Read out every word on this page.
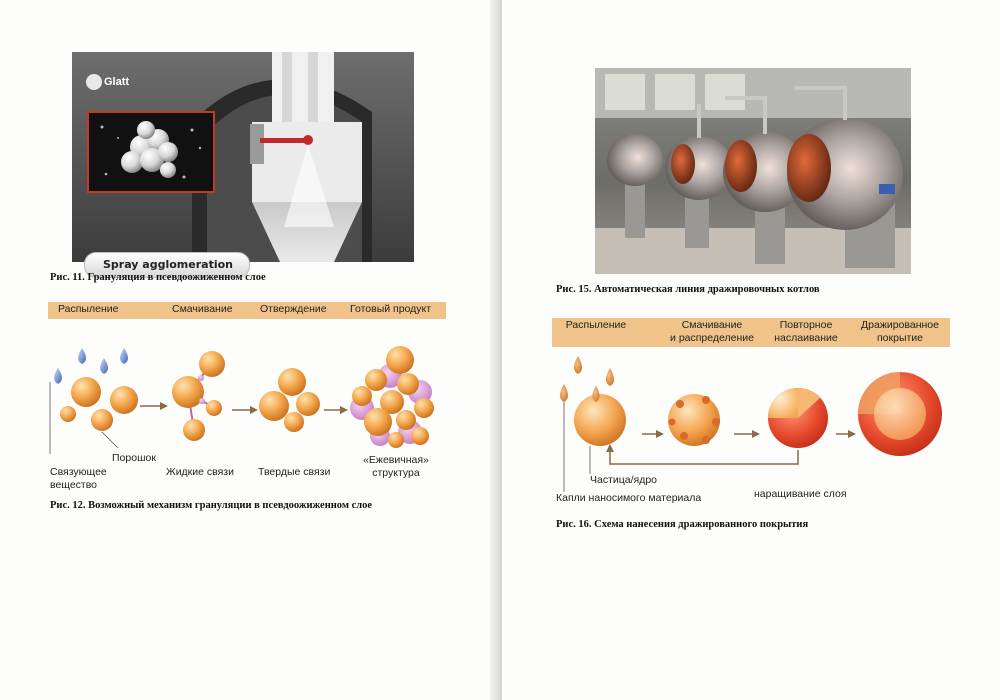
Glatt
Spray agglomeration
Рис. 11. Грануляция в псевдоожиженном слое
Распыление	Смачивание	Отверждение Готовый продукт
Порошок
Связующее
вещество
Жидкие связи Твердые связи
«Ежевичная»
структура
Рис. 12. Возможный механизм грануляции в псевдоожиженном слое
Рис. 15. Автоматическая линия дражировочных котлов
Распыление	Смачивание
и распределение
Повторное
наслаивание
Дражированное
покрытие
Частица/ядро
наращивание слоя
Капли наносимого материала
Рис. 16. Схема нанесения дражированного покрытия
